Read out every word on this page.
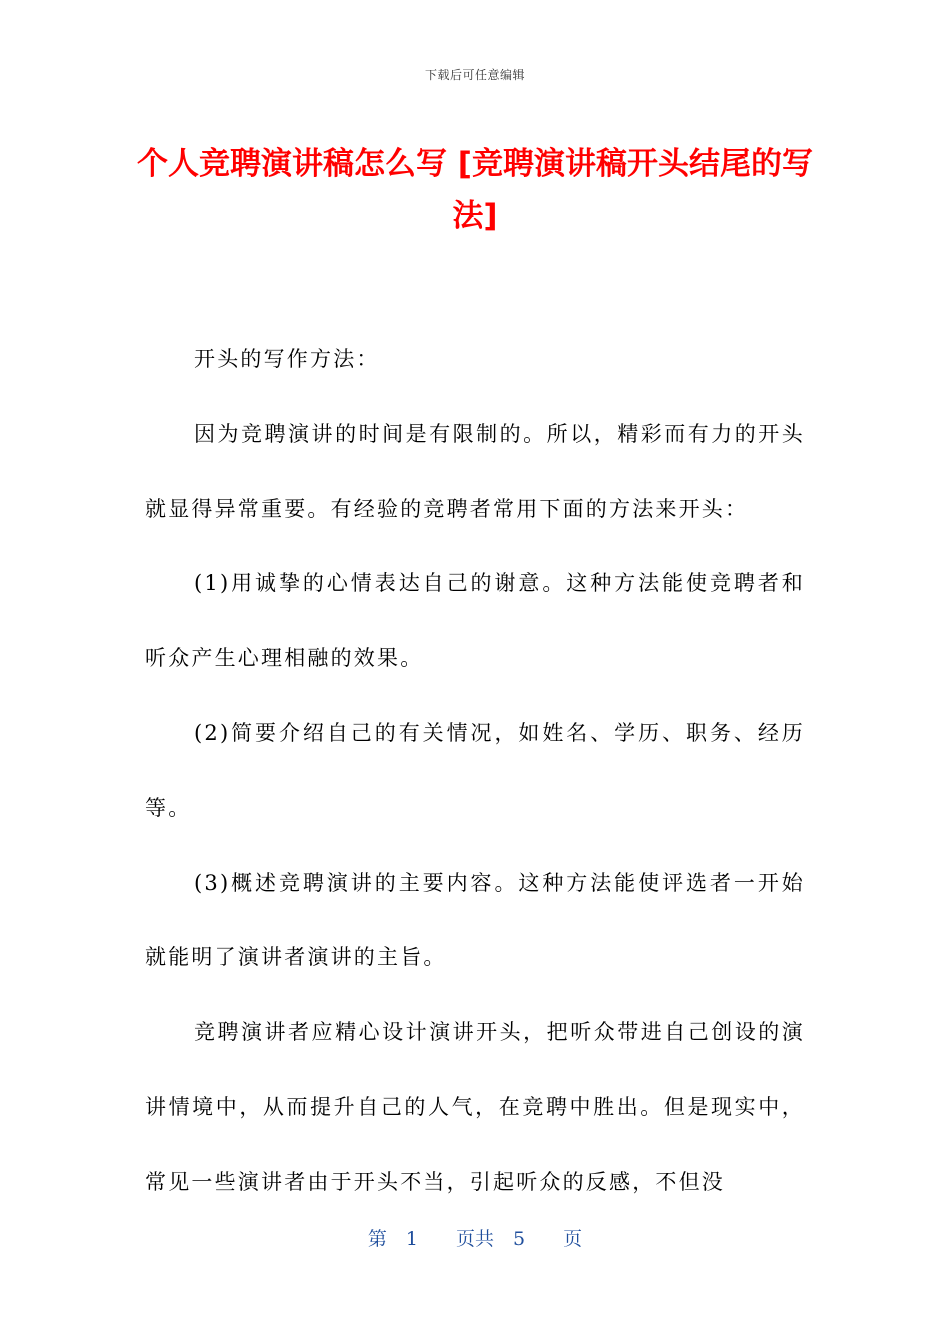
下载后可任意编辑
个人竞聘演讲稿怎么写 [竞聘演讲稿开头结尾的写法]

开头的写作方法：

因为竞聘演讲的时间是有限制的。所以，精彩而有力的开头就显得异常重要。有经验的竞聘者常用下面的方法来开头：

(1)用诚挚的心情表达自己的谢意。这种方法能使竞聘者和听众产生心理相融的效果。

(2)简要介绍自己的有关情况，如姓名、学历、职务、经历等。

(3)概述竞聘演讲的主要内容。这种方法能使评选者一开始就能明了演讲者演讲的主旨。

竞聘演讲者应精心设计演讲开头，把听众带进自己创设的演讲情境中，从而提升自己的人气，在竞聘中胜出。但是现实中，常见一些演讲者由于开头不当，引起听众的反感，不但没

第　1　　页共　5　　页
